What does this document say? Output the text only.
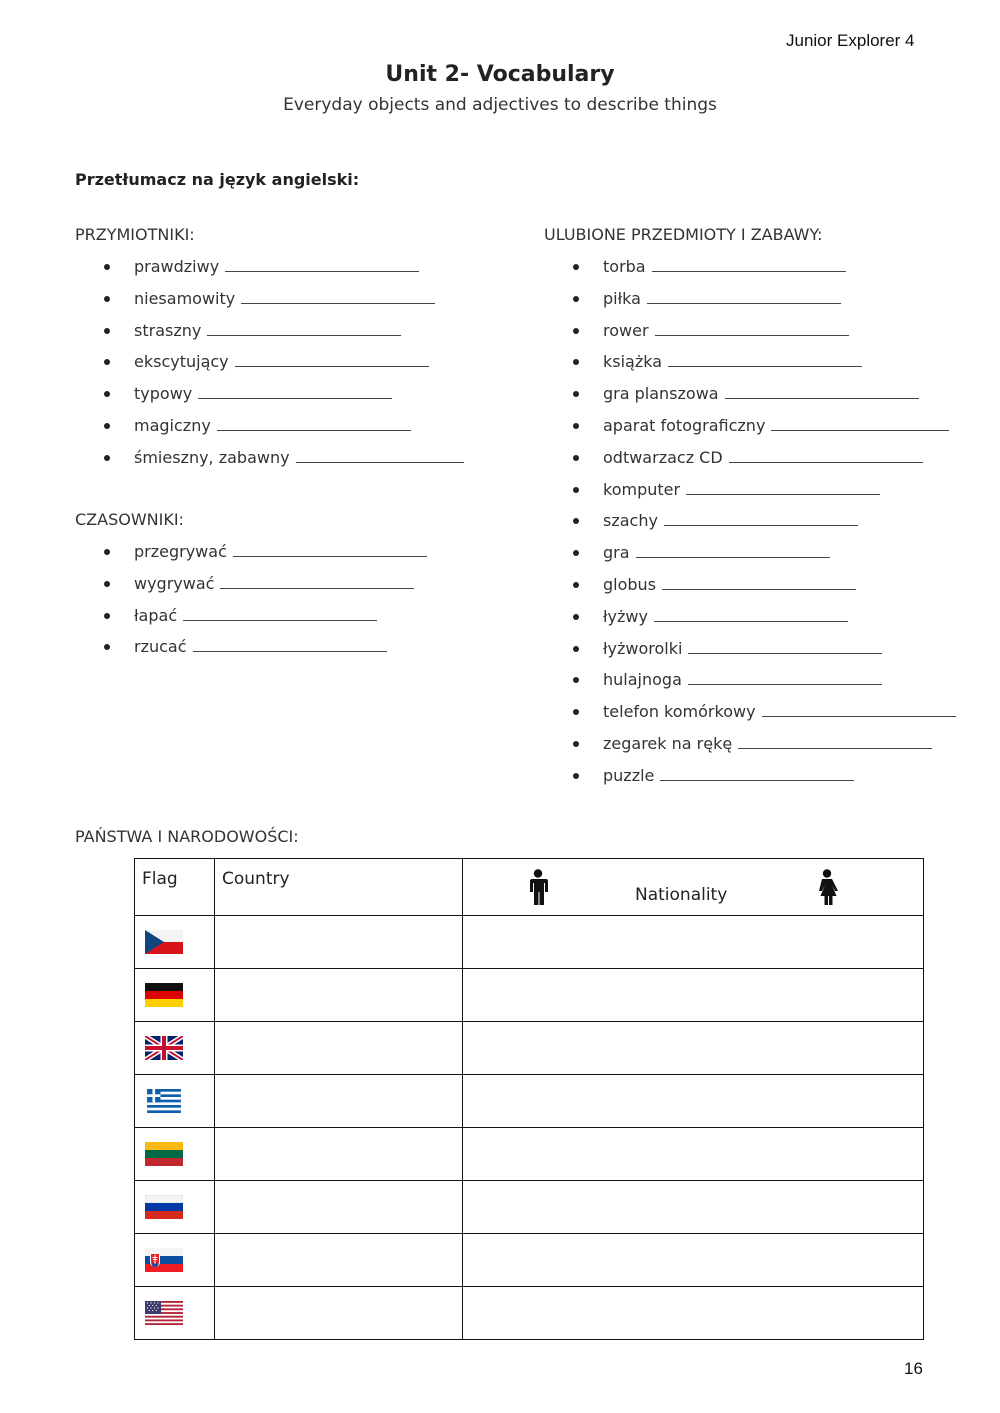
Junior Explorer 4
Unit 2- Vocabulary
Everyday objects and adjectives to describe things
Przetłumacz na język angielski:
PRZYMIOTNIKI:
prawdziwy
niesamowity
straszny
ekscytujący
typowy
magiczny
śmieszny, zabawny
CZASOWNIKI:
przegrywać
wygrywać
łapać
rzucać
ULUBIONE PRZEDMIOTY I ZABAWY:
torba
piłka
rower
książka
gra planszowa
aparat fotograficzny
odtwarzacz CD
komputer
szachy
gra
globus
łyżwy
łyżworolki
hulajnoga
telefon komórkowy
zegarek na rękę
puzzle
PAŃSTWA I NARODOWOŚCI:
Flag	Country	Nationality

16
